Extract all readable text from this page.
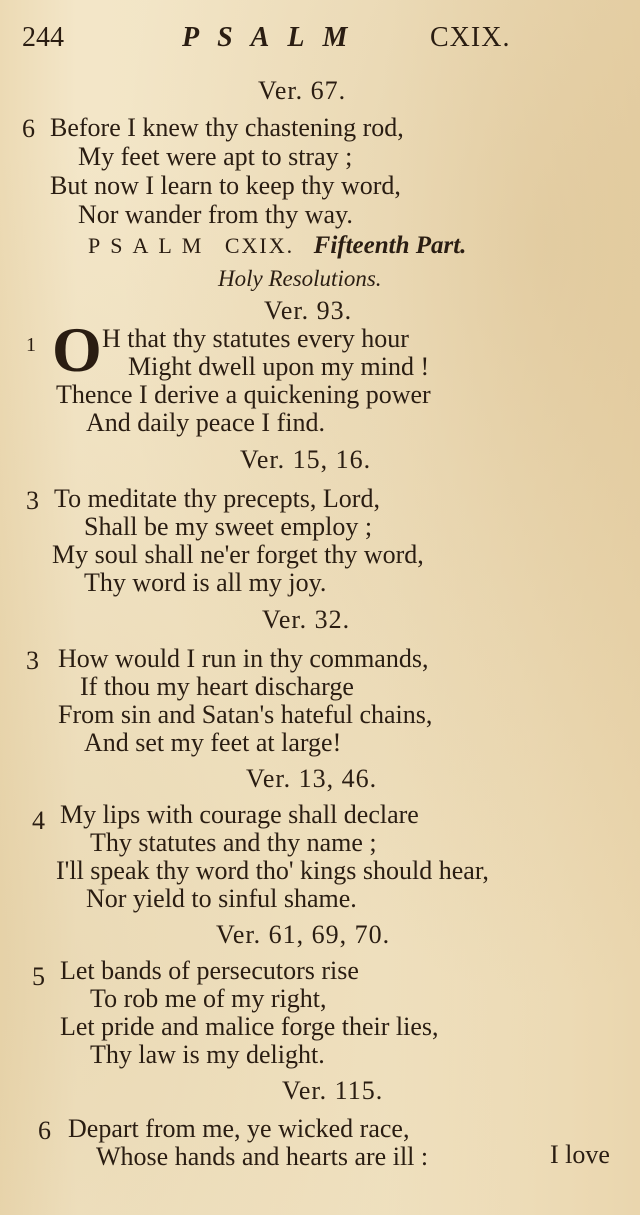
244	PSALM CXIX.
Ver. 67.
6 Before I knew thy chastening rod,
My feet were apt to stray ;
But now I learn to keep thy word,
Nor wander from thy way.
PSALM CXIX. Fifteenth Part.
Holy Resolutions.
Ver. 93.
1 O H that thy statutes every hour
Might dwell upon my mind !
Thence I derive a quickening power
And daily peace I find.
Ver. 15, 16.
3 To meditate thy precepts, Lord,
Shall be my sweet employ ;
My soul shall ne'er forget thy word,
Thy word is all my joy.
Ver. 32.
3 How would I run in thy commands,
If thou my heart discharge
From sin and Satan's hateful chains,
And set my feet at large!
Ver. 13, 46.
4 My lips with courage shall declare
Thy statutes and thy name ;
I'll speak thy word tho' kings should hear,
Nor yield to sinful shame.
Ver. 61, 69, 70.
5 Let bands of persecutors rise
To rob me of my right,
Let pride and malice forge their lies,
Thy law is my delight.
Ver. 115.
6 Depart from me, ye wicked race,
Whose hands and hearts are ill :	I love
